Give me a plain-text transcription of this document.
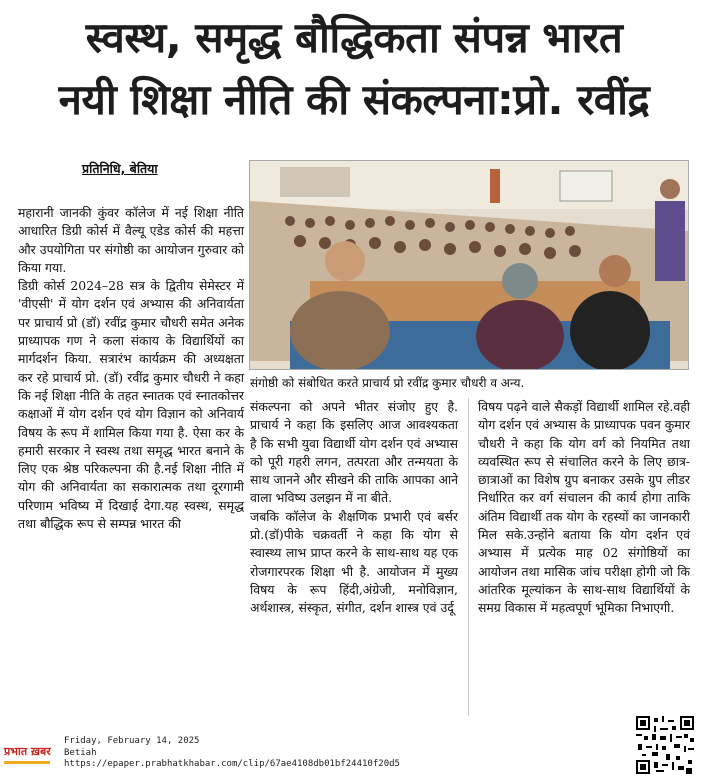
स्वस्थ, समृद्ध बौद्धिकता संपन्न भारत
नयी शिक्षा नीति की संकल्पना:प्रो. रवींद्र
प्रतिनिधि, बेतिया

महारानी जानकी कुंवर कॉलेज में नई शिक्षा नीति आधारित डिग्री कोर्स में वैल्यू एडेड कोर्स की महत्ता और उपयोगिता पर संगोष्ठी का आयोजन गुरुवार को किया गया.

डिग्री कोर्स 2024–28 सत्र के द्वितीय सेमेस्टर में 'वीएसी' में योग दर्शन एवं अभ्यास की अनिवार्यता पर प्राचार्य प्रो (डॉ) रवींद्र कुमार चौधरी समेत अनेक प्राध्यापक गण ने कला संकाय के विद्यार्थियों का मार्गदर्शन किया. सत्रारंभ कार्यक्रम की अध्यक्षता कर रहे प्राचार्य प्रो. (डॉ) रवींद्र कुमार चौधरी ने कहा कि नई शिक्षा नीति के तहत स्नातक एवं स्नातकोत्तर कक्षाओं में योग दर्शन एवं योग विज्ञान को अनिवार्य विषय के रूप में शामिल किया गया है. ऐसा कर के हमारी सरकार ने स्वस्थ तथा समृद्ध भारत बनाने के लिए एक श्रेष्ठ परिकल्पना की है.नई शिक्षा नीति में योग की अनिवार्यता का सकारात्मक तथा दूरगामी परिणाम भविष्य में दिखाई देगा.यह स्वस्थ, समृद्ध तथा बौद्धिक रूप से सम्पन्न भारत की

संगोष्ठी को संबोधित करते प्राचार्य प्रो रवींद्र कुमार चौधरी व अन्य.

संकल्पना को अपने भीतर संजोए हुए है. प्राचार्य ने कहा कि इसलिए आज आवश्यकता है कि सभी युवा विद्यार्थी योग दर्शन एवं अभ्यास को पूरी गहरी लगन, तत्परता और तन्मयता के साथ जानने और सीखने की ताकि आपका आने वाला भविष्य उलझन में ना बीते.

जबकि कॉलेज के शैक्षणिक प्रभारी एवं बर्सर प्रो.(डॉ)पीके चक्रवर्ती ने कहा कि योग से स्वास्थ्य लाभ प्राप्त करने के साथ-साथ यह एक रोजगारपरक शिक्षा भी है. आयोजन में मुख्य विषय के रूप हिंदी,अंग्रेजी, मनोविज्ञान, अर्थशास्त्र, संस्कृत, संगीत, दर्शन शास्त्र एवं उर्दू

विषय पढ़ने वाले सैकड़ों विद्यार्थी शामिल रहे.वही योग दर्शन एवं अभ्यास के प्राध्यापक पवन कुमार चौधरी ने कहा कि योग वर्ग को नियमित तथा व्यवस्थित रूप से संचालित करने के लिए छात्र- छात्राओं का विशेष ग्रुप बनाकर उसके ग्रुप लीडर निर्धारित कर वर्ग संचालन की कार्य होगा ताकि अंतिम विद्यार्थी तक योग के रहस्यों का जानकारी मिल सके.उन्होंने बताया कि योग दर्शन एवं अभ्यास में प्रत्येक माह 02 संगोष्ठियों का आयोजन तथा मासिक जांच परीक्षा होगी जो कि आंतरिक मूल्यांकन के साथ-साथ विद्यार्थियों के समग्र विकास में महत्वपूर्ण भूमिका निभाएगी.

प्रभात ख़बर
Friday, February 14, 2025
Betiah
https://epaper.prabhatkhabar.com/clip/67ae4108db01bf24410f20d5
